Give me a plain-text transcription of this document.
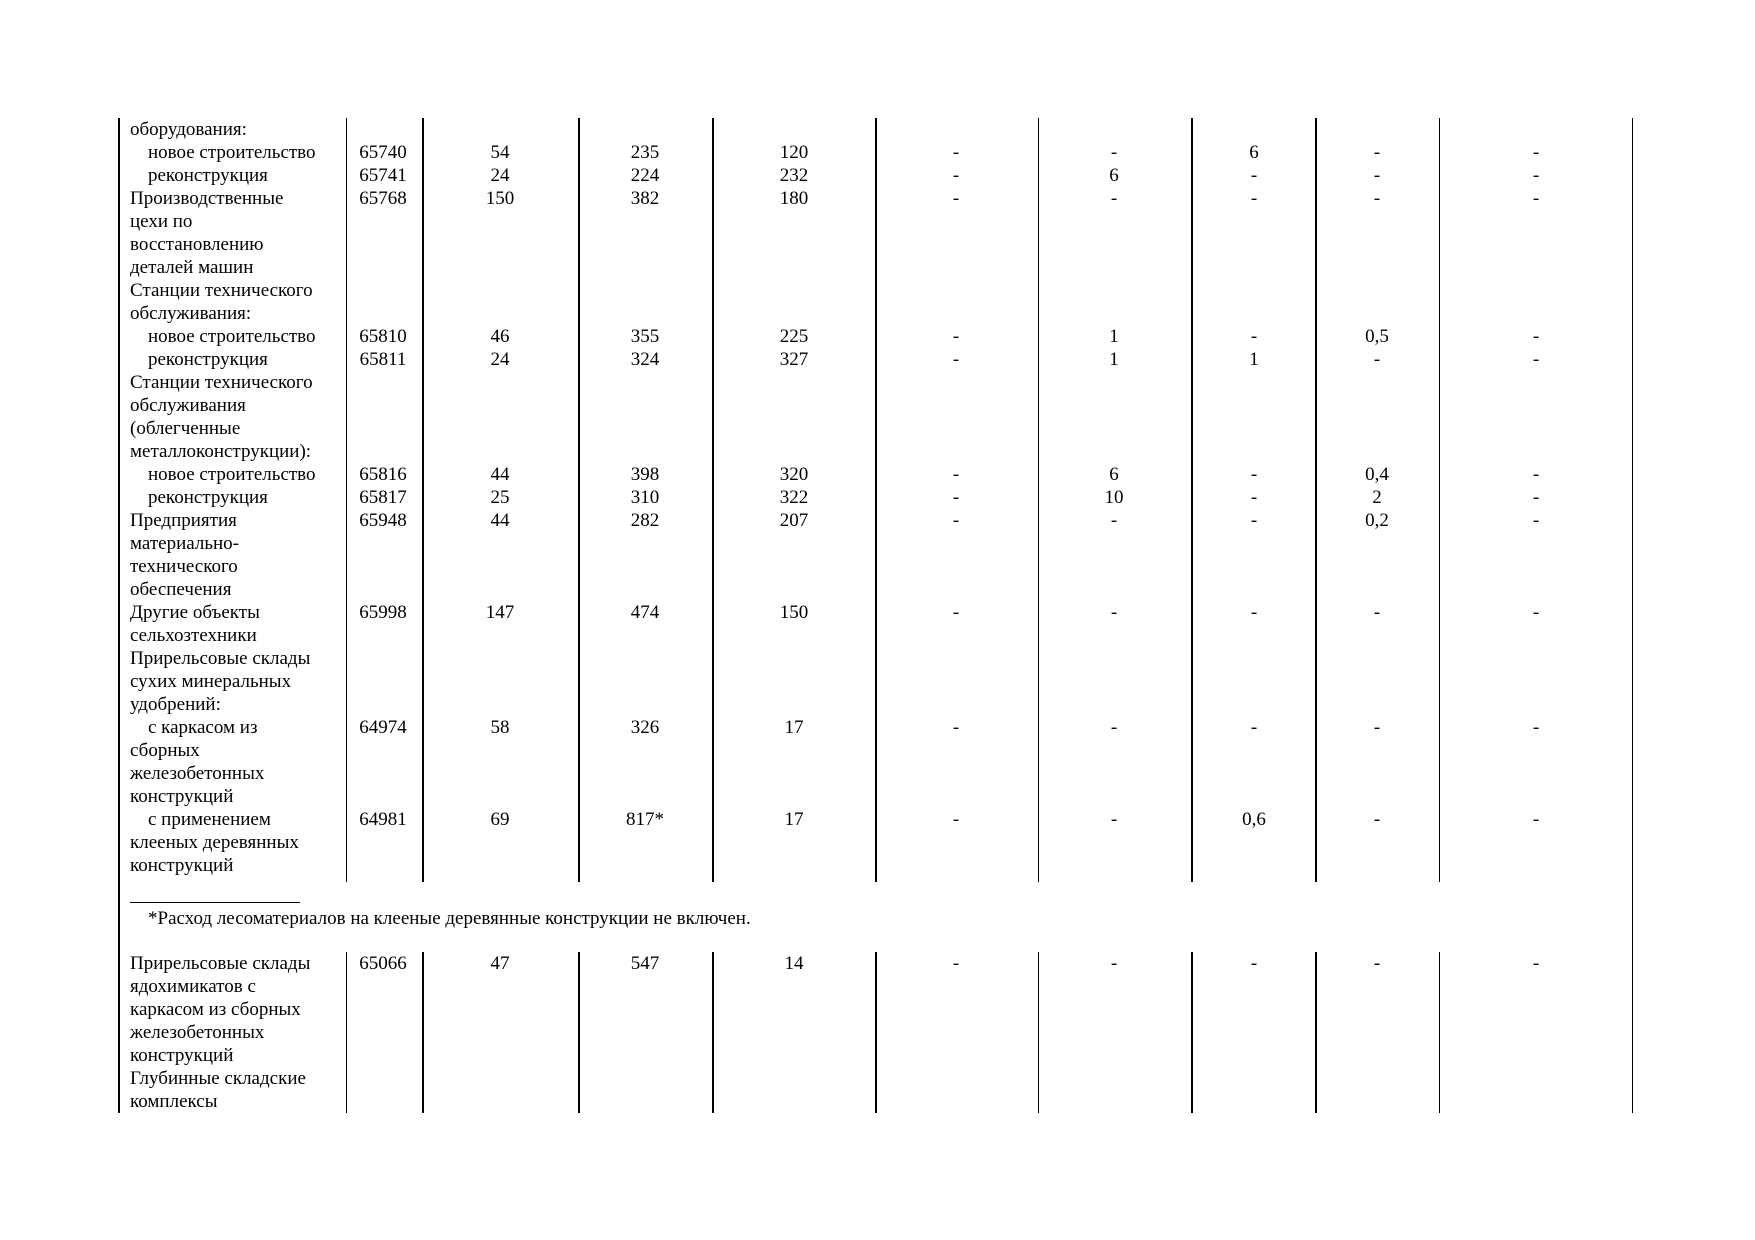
оборудования:
новое строительство 65740	54	235	120	-	-	6	-	-
реконструкция	65741	24	224	232	-	6	-	-	-
Производственные
цехи по
восстановлению
деталей машин
65768	150	382	180	-	-	-	-	-
Станции технического
обслуживания:
новое строительство 65810	46	355	225	-	1	-	0,5	-
реконструкция	65811	24	324	327	-	1	1	-	-
Станции технического
обслуживания
(облегченные
металлоконструкции):
новое строительство 65816	44	398	320	-	6	-	0,4	-
реконструкция	65817	25	310	322	-	10	-	2	-
Предприятия
материально-
технического
обеспечения
65948	44	282	207	-	-	-	0,2	-
Другие объекты
сельхозтехники
65998	147	474	150	-	-	-	-	-
Прирельсовые склады
сухих минеральных
удобрений:
с каркасом из
сборных
железобетонных
конструкций
64974	58	326	17	-	-	-	-	-
с применением
клееных деревянных
конструкций
64981	69	817*	17	-	-	0,6	-	-
*Расход лесоматериалов на клееные деревянные конструкции не включен.
Прирельсовые склады
ядохимикатов с
каркасом из сборных
железобетонных
конструкций
65066	47	547	14	-	-	-	-	-
Глубинные складские
комплексы
